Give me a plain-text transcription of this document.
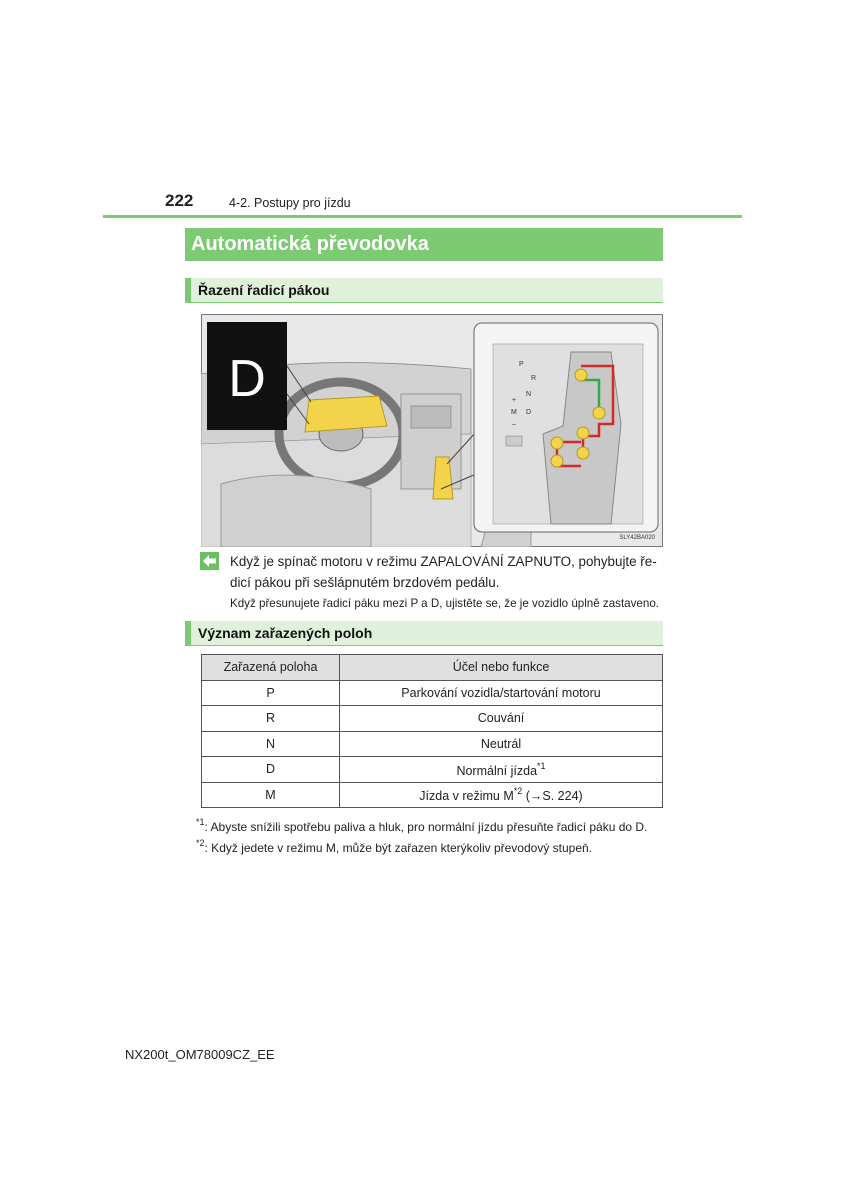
222	4-2. Postupy pro jízdu
Automatická převodovka
Řazení řadicí pákou
D	P
R
N
D
M
–
+
SLY42BA020
Když je spínač motoru v režimu ZAPALOVÁNÍ ZAPNUTO, pohybujte ře-
dicí pákou při sešlápnutém brzdovém pedálu.
Když přesunujete řadicí páku mezi P a D, ujistěte se, že je vozidlo úplně zastaveno.
Význam zařazených poloh
Zařazená poloha	Účel nebo funkce
P	Parkování vozidla/startování motoru
R	Couvání
N	Neutrál
D	Normální jízda$^{*1}$
M	Jízda v režimu $M^{*2}$ (→S. 224)
$^{*1}$: Abyste snížili spotřebu paliva a hluk, pro normální jízdu přesuňte řadicí páku do D.
$^{*2}$: Když jedete v režimu M, může být zařazen kterýkoliv převodový stupeň.
NX200t_OM78009CZ_EE
